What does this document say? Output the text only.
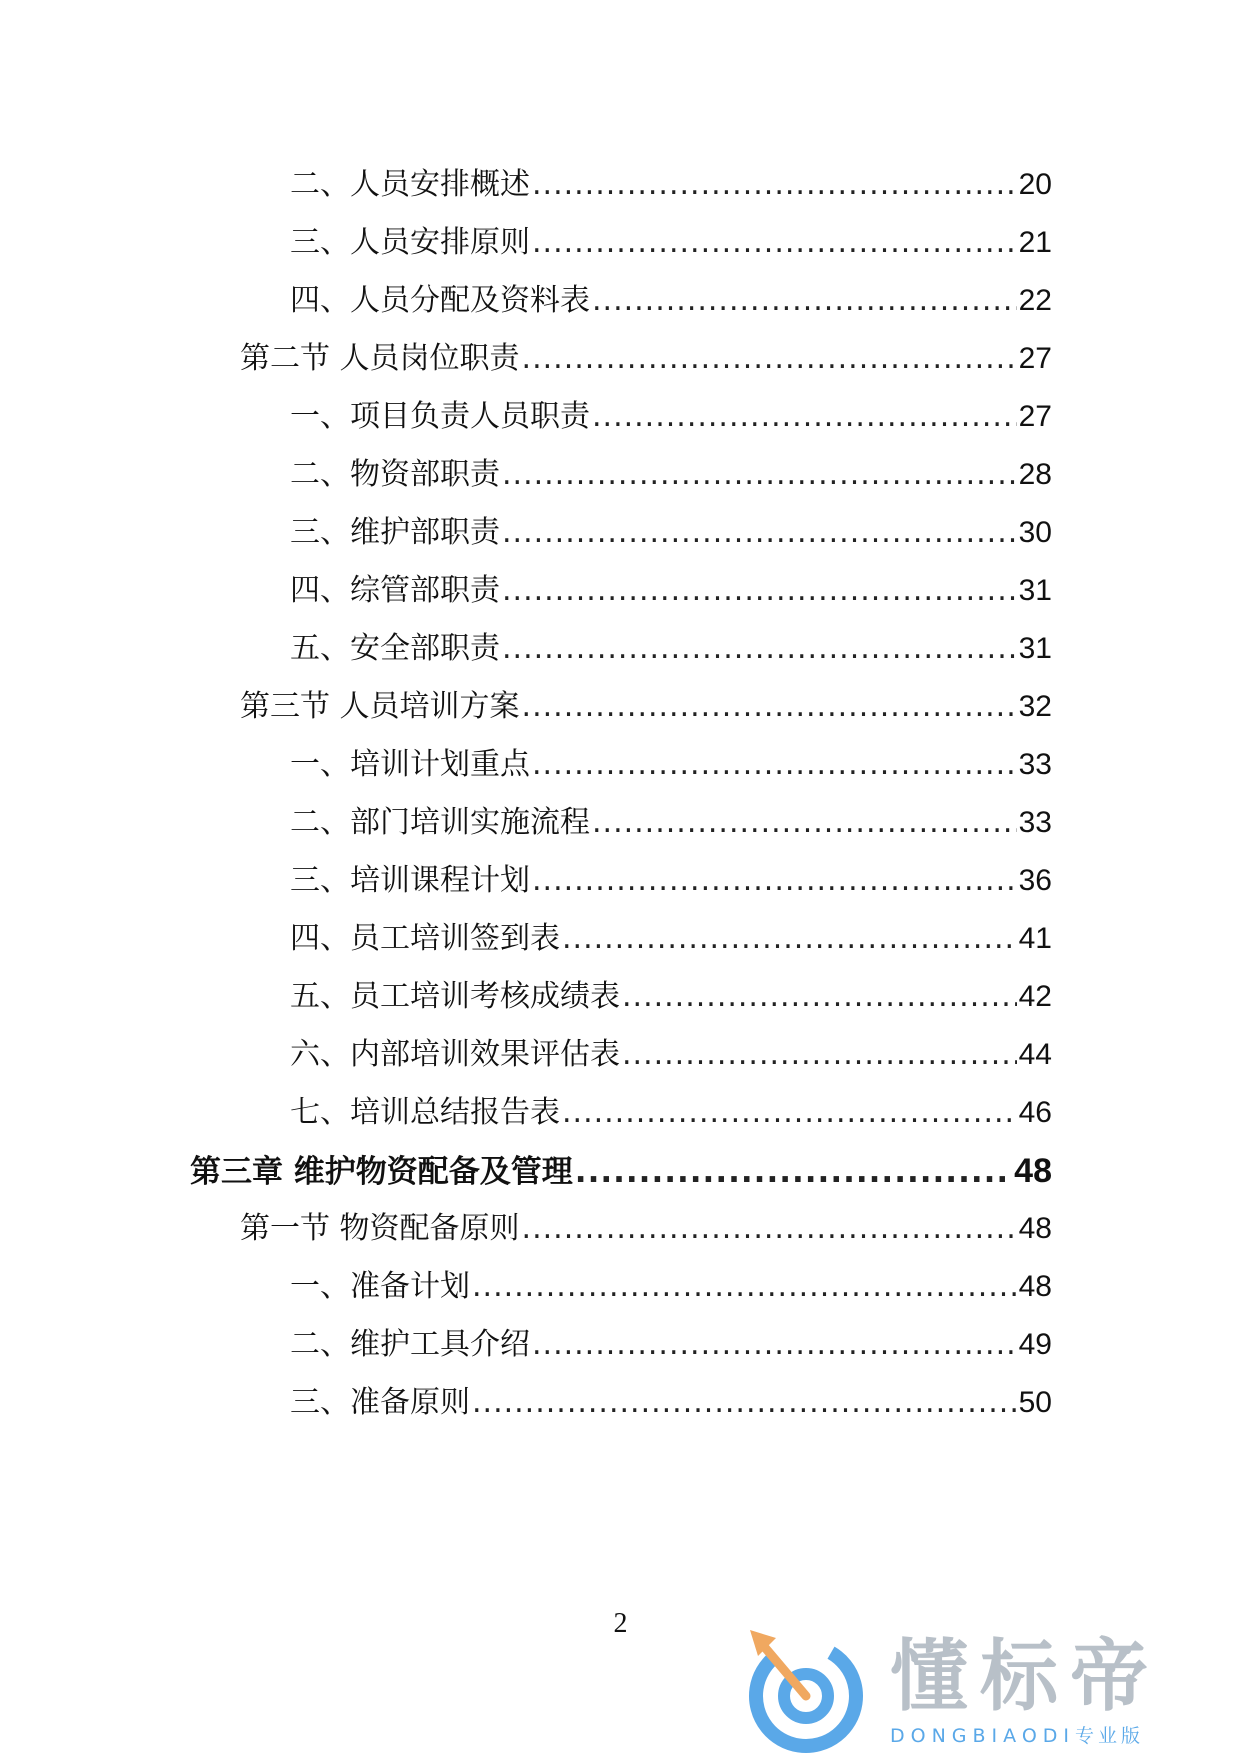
二、人员安排概述 .....	20
三、人员安排原则 .....	21
四、人员分配及资料表 .....	22
第二节 人员岗位职责 .....	27
一、项目负责人员职责 .....	27
二、物资部职责 .....	28
三、维护部职责 .....	30
四、综管部职责 .....	31
五、安全部职责 .....	31
第三节 人员培训方案 .....	32
一、培训计划重点 .....	33
二、部门培训实施流程 .....	33
三、培训课程计划 .....	36
四、员工培训签到表 .....	41
五、员工培训考核成绩表 .....	42
六、内部培训效果评估表 .....	44
七、培训总结报告表 .....	46
第三章 维护物资配备及管理 .....	48
第一节 物资配备原则 .....	48
一、准备计划 .....	48
二、维护工具介绍 .....	49
三、准备原则 .....	50
2
懂标帝
DONGBIAODI专业版
